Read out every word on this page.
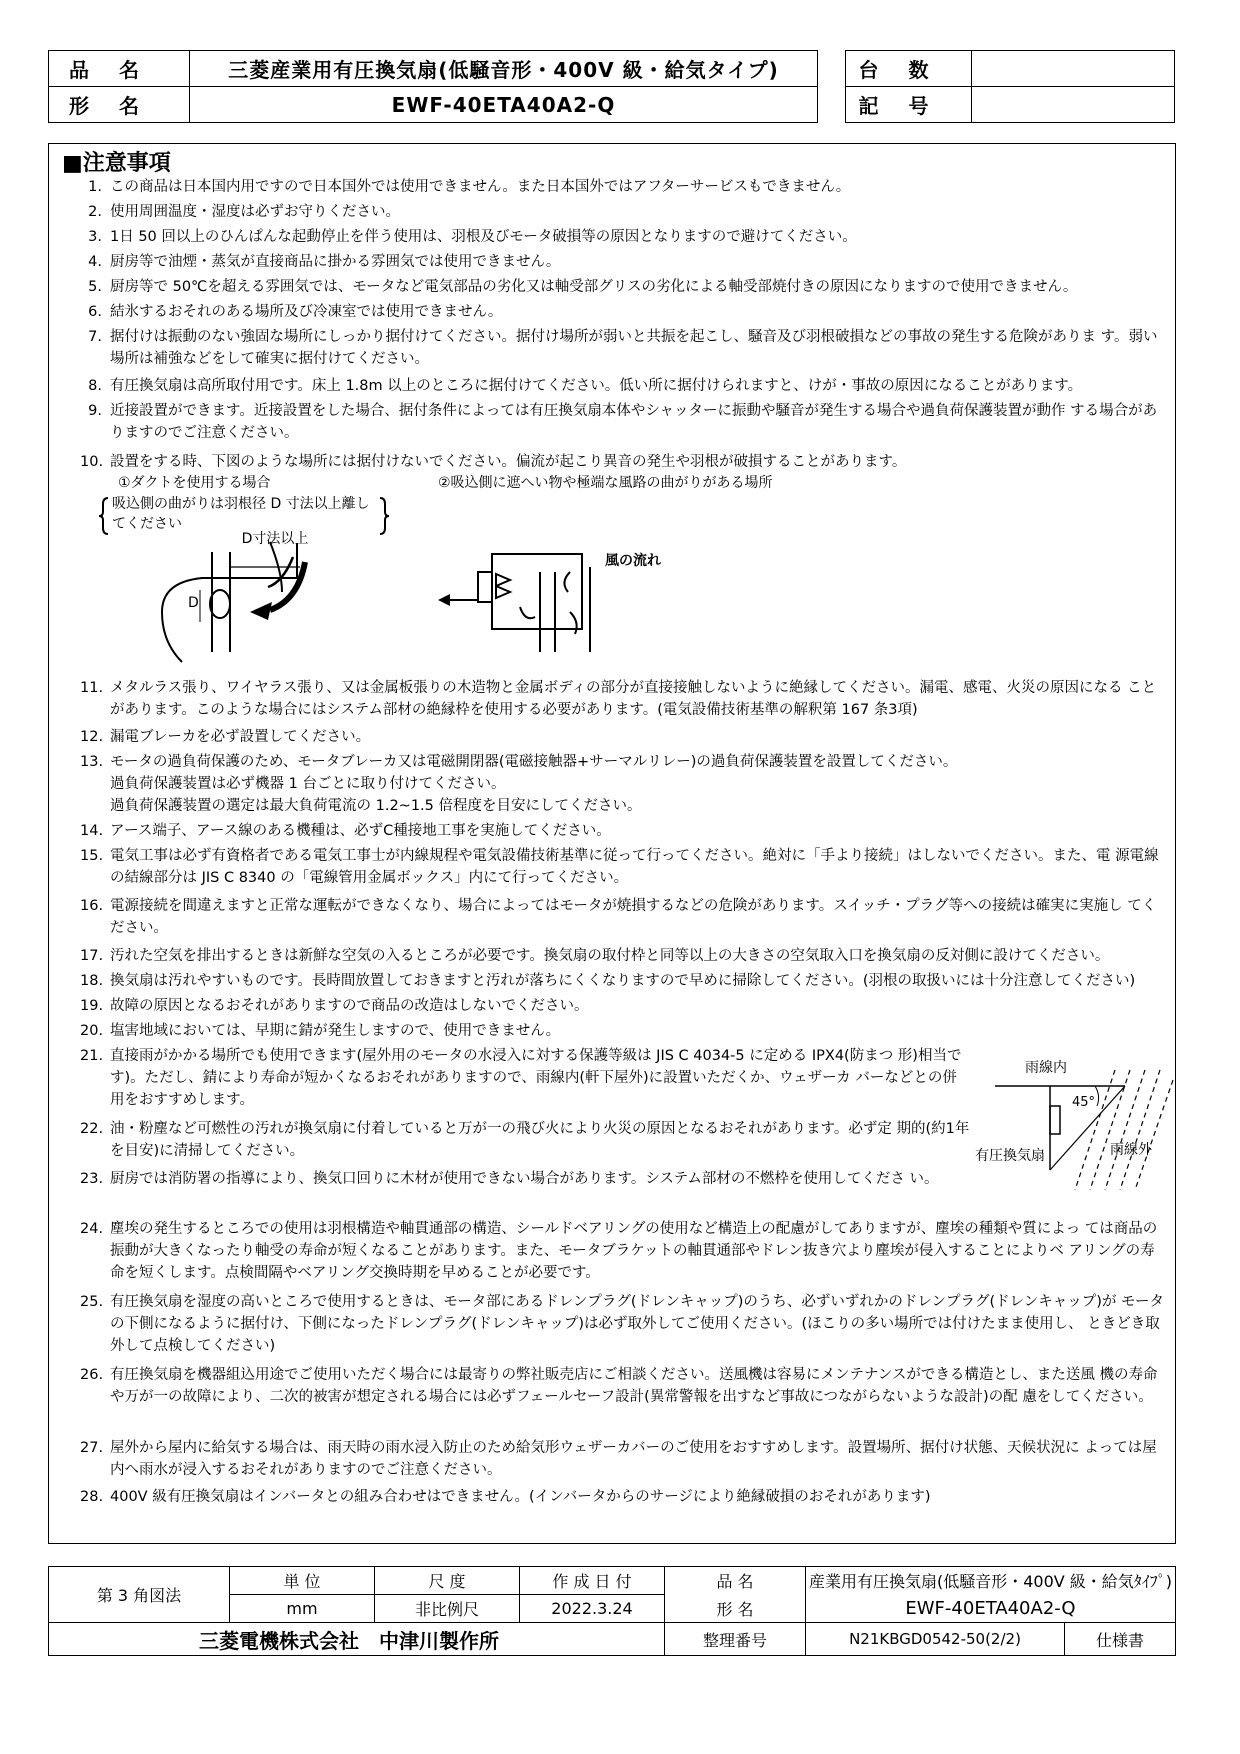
品名	三菱産業用有圧換気扇(低騒音形・400V 級・給気タイプ)
形名	EWF-40ETA40A2-Q
台数	
記号	
■注意事項
1. この商品は日本国内用ですので日本国外では使用できません。また日本国外ではアフターサービスもできません。
2. 使用周囲温度・湿度は必ずお守りください。
3. 1日 50 回以上のひんぱんな起動停止を伴う使用は、羽根及びモータ破損等の原因となりますので避けてください。
4. 厨房等で油煙・蒸気が直接商品に掛かる雰囲気では使用できません。
5. 厨房等で 50℃を超える雰囲気では、モータなど電気部品の劣化又は軸受部グリスの劣化による軸受部焼付きの原因になりますので使用できません。
6. 結氷するおそれのある場所及び冷凍室では使用できません。
7. 据付けは振動のない強固な場所にしっかり据付けてください。据付け場所が弱いと共振を起こし、騒音及び羽根破損などの事故の発生する危険がありま す。弱い場所は補強などをして確実に据付けてください。
8. 有圧換気扇は高所取付用です。床上 1.8m 以上のところに据付けてください。低い所に据付けられますと、けが・事故の原因になることがあります。
9. 近接設置ができます。近接設置をした場合、据付条件によっては有圧換気扇本体やシャッターに振動や騒音が発生する場合や過負荷保護装置が動作 する場合がありますのでご注意ください。
10. 設置をする時、下図のような場所には据付けないでください。偏流が起こり異音の発生や羽根が破損することがあります。
①ダクトを使用する場合
吸込側の曲がりは羽根径 D 寸法以上離してください
D寸法以上
D
②吸込側に遮へい物や極端な風路の曲がりがある場所
風の流れ
11. メタルラス張り、ワイヤラス張り、又は金属板張りの木造物と金属ボディの部分が直接接触しないように絶縁してください。漏電、感電、火災の原因になる ことがあります。このような場合にはシステム部材の絶縁枠を使用する必要があります。(電気設備技術基準の解釈第 167 条3項)
12. 漏電ブレーカを必ず設置してください。
13. モータの過負荷保護のため、モータブレーカ又は電磁開閉器(電磁接触器+サーマルリレー)の過負荷保護装置を設置してください。
過負荷保護装置は必ず機器 1 台ごとに取り付けてください。
過負荷保護装置の選定は最大負荷電流の 1.2~1.5 倍程度を目安にしてください。
14. アース端子、アース線のある機種は、必ずC種接地工事を実施してください。
15. 電気工事は必ず有資格者である電気工事士が内線規程や電気設備技術基準に従って行ってください。絶対に「手より接続」はしないでください。また、電 源電線の結線部分は JIS C 8340 の「電線管用金属ボックス」内にて行ってください。
16. 電源接続を間違えますと正常な運転ができなくなり、場合によってはモータが焼損するなどの危険があります。スイッチ・プラグ等への接続は確実に実施し てください。
17. 汚れた空気を排出するときは新鮮な空気の入るところが必要です。換気扇の取付枠と同等以上の大きさの空気取入口を換気扇の反対側に設けてください。
18. 換気扇は汚れやすいものです。長時間放置しておきますと汚れが落ちにくくなりますので早めに掃除してください。(羽根の取扱いには十分注意してください)
19. 故障の原因となるおそれがありますので商品の改造はしないでください。
20. 塩害地域においては、早期に錆が発生しますので、使用できません。
21. 直接雨がかかる場所でも使用できます(屋外用のモータの水浸入に対する保護等級は JIS C 4034-5 に定める IPX4(防まつ 形)相当です)。ただし、錆により寿命が短かくなるおそれがありますので、雨線内(軒下屋外)に設置いただくか、ウェザーカ バーなどとの併用をおすすめします。
22. 油・粉塵など可燃性の汚れが換気扇に付着していると万が一の飛び火により火災の原因となるおそれがあります。必ず定 期的(約1年を目安)に清掃してください。
23. 厨房では消防署の指導により、換気口回りに木材が使用できない場合があります。システム部材の不燃枠を使用してくださ い。
雨線内
45°
雨線外
有圧換気扇
24. 塵埃の発生するところでの使用は羽根構造や軸貫通部の構造、シールドベアリングの使用など構造上の配慮がしてありますが、塵埃の種類や質によっ ては商品の振動が大きくなったり軸受の寿命が短くなることがあります。また、モータブラケットの軸貫通部やドレン抜き穴より塵埃が侵入することによりベ アリングの寿命を短くします。点検間隔やベアリング交換時期を早めることが必要です。
25. 有圧換気扇を湿度の高いところで使用するときは、モータ部にあるドレンプラグ(ドレンキャップ)のうち、必ずいずれかのドレンプラグ(ドレンキャップ)が モータの下側になるように据付け、下側になったドレンプラグ(ドレンキャップ)は必ず取外してご使用ください。(ほこりの多い場所では付けたまま使用し、 ときどき取外して点検してください)
26. 有圧換気扇を機器組込用途でご使用いただく場合には最寄りの弊社販売店にご相談ください。送風機は容易にメンテナンスができる構造とし、また送風 機の寿命や万が一の故障により、二次的被害が想定される場合には必ずフェールセーフ設計(異常警報を出すなど事故につながらないような設計)の配 慮をしてください。
27. 屋外から屋内に給気する場合は、雨天時の雨水浸入防止のため給気形ウェザーカバーのご使用をおすすめします。設置場所、据付け状態、天候状況に よっては屋内へ雨水が浸入するおそれがありますのでご注意ください。
28. 400V 級有圧換気扇はインバータとの組み合わせはできません。(インバータからのサージにより絶縁破損のおそれがあります)
第 3 角図法	単 位	尺 度	作 成 日 付	品 名	産業用有圧換気扇(低騒音形・400V 級・給気ﾀｲﾌﾟ)
	mm	非比例尺	2022.3.24	形 名	EWF-40ETA40A2-Q
三菱電機株式会社　中津川製作所				整理番号	N21KBGD0542-50(2/2) 仕様書
